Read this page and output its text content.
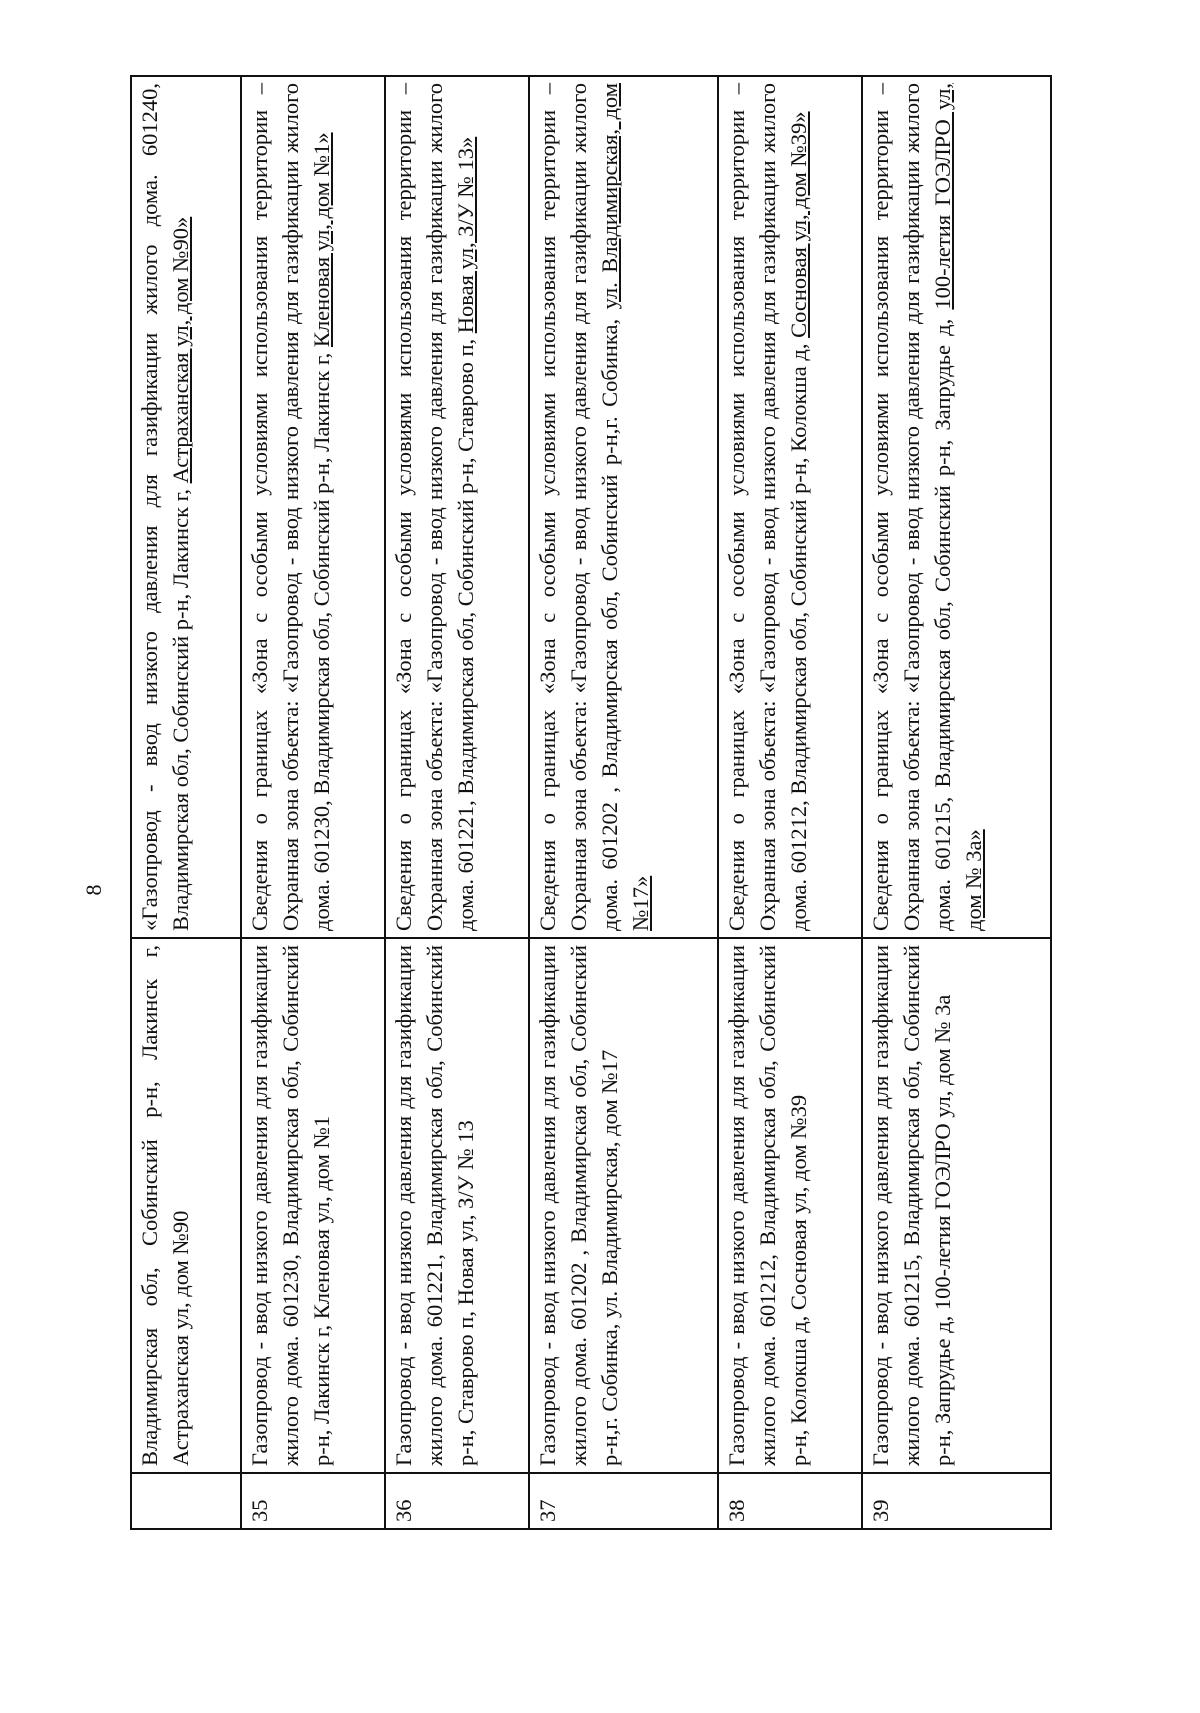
8
	Владимирская обл, Собинский р-н, Лакинск г, Астраханская ул, дом №90	«Газопровод - ввод низкого давления для газификации жилого дома. 601240, Владимирская обл, Собинский р-н, Лакинск г, Астраханская ул, дом №90»
35	Газопровод - ввод низкого давления для газификации жилого дома. 601230, Владимирская обл, Собинский р-н, Лакинск г, Кленовая ул, дом №1	Сведения о границах «Зона с особыми условиями использования территории – Охранная зона объекта: «Газопровод - ввод низкого давления для газификации жилого дома. 601230, Владимирская обл, Собинский р-н, Лакинск г, Кленовая ул, дом №1»
36	Газопровод - ввод низкого давления для газификации жилого дома. 601221, Владимирская обл, Собинский р-н, Ставрово п, Новая ул, З/У № 13	Сведения о границах «Зона с особыми условиями использования территории – Охранная зона объекта: «Газопровод - ввод низкого давления для газификации жилого дома. 601221, Владимирская обл, Собинский р-н, Ставрово п, Новая ул, З/У № 13»
37	Газопровод - ввод низкого давления для газификации жилого дома. 601202 , Владимирская обл, Собинский р-н,г. Собинка, ул. Владимирская, дом №17	Сведения о границах «Зона с особыми условиями использования территории – Охранная зона объекта: «Газопровод - ввод низкого давления для газификации жилого дома. 601202 , Владимирская обл, Собинский р-н,г. Собинка, ул. Владимирская, дом №17»
38	Газопровод - ввод низкого давления для газификации жилого дома. 601212, Владимирская обл, Собинский р-н, Колокша д, Сосновая ул, дом №39	Сведения о границах «Зона с особыми условиями использования территории – Охранная зона объекта: «Газопровод - ввод низкого давления для газификации жилого дома. 601212, Владимирская обл, Собинский р-н, Колокша д, Сосновая ул, дом №39»
39	Газопровод - ввод низкого давления для газификации жилого дома. 601215, Владимирская обл, Собинский р-н, Запрудье д, 100-летия ГОЭЛРО ул, дом № 3а	Сведения о границах «Зона с особыми условиями использования территории – Охранная зона объекта: «Газопровод - ввод низкого давления для газификации жилого дома. 601215, Владимирская обл, Собинский р-н, Запрудье д, 100-летия ГОЭЛРО ул, дом № 3а»
